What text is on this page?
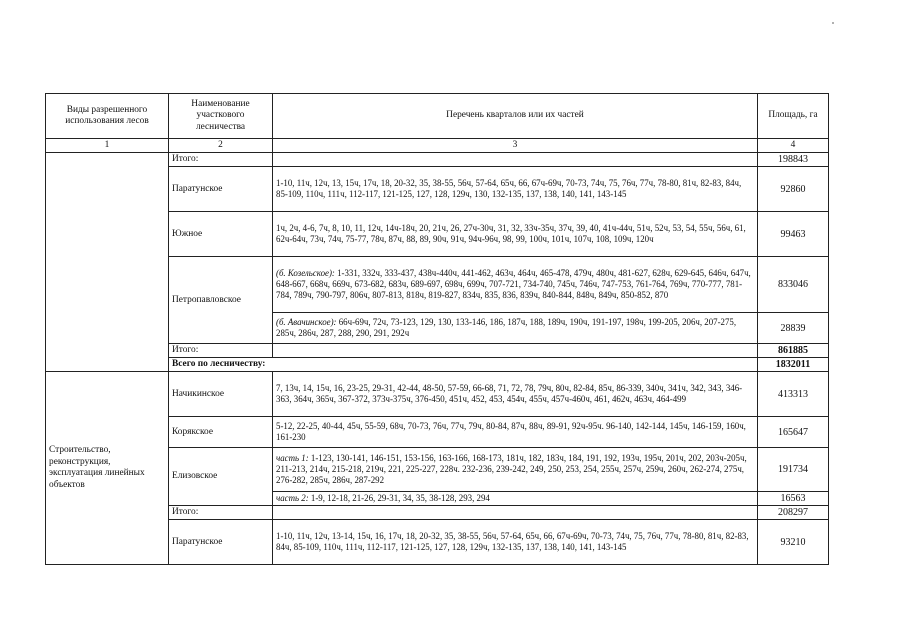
Виды разрешенного использования лесов	Наименование участкового лесничества	Перечень кварталов или их частей	Площадь, га
1	2	3	4
	Итого:		198843
	Паратунское	1-10, 11ч, 12ч, 13, 15ч, 17ч, 18, 20-32, 35, 38-55, 56ч, 57-64, 65ч, 66, 67ч-69ч, 70-73, 74ч, 75, 76ч, 77ч, 78-80, 81ч, 82-83, 84ч, 85-109, 110ч, 111ч, 112-117, 121-125, 127, 128, 129ч, 130, 132-135, 137, 138, 140, 141, 143-145	92860
	Южное	1ч, 2ч, 4-6, 7ч, 8, 10, 11, 12ч, 14ч-18ч, 20, 21ч, 26, 27ч-30ч, 31, 32, 33ч-35ч, 37ч, 39, 40, 41ч-44ч, 51ч, 52ч, 53, 54, 55ч, 56ч, 61, 62ч-64ч, 73ч, 74ч, 75-77, 78ч, 87ч, 88, 89, 90ч, 91ч, 94ч-96ч, 98, 99, 100ч, 101ч, 107ч, 108, 109ч, 120ч	99463
	Петропавловское	(б. Козельское): 1-331, 332ч, 333-437, 438ч-440ч, 441-462, 463ч, 464ч, 465-478, 479ч, 480ч, 481-627, 628ч, 629-645, 646ч, 647ч, 648-667, 668ч, 669ч, 673-682, 683ч, 689-697, 698ч, 699ч, 707-721, 734-740, 745ч, 746ч, 747-753, 761-764, 769ч, 770-777, 781-784, 789ч, 790-797, 806ч, 807-813, 818ч, 819-827, 834ч, 835, 836, 839ч, 840-844, 848ч, 849ч, 850-852, 870	833046
		(б. Авачинское): 66ч-69ч, 72ч, 73-123, 129, 130, 133-146, 186, 187ч, 188, 189ч, 190ч, 191-197, 198ч, 199-205, 206ч, 207-275, 285ч, 286ч, 287, 288, 290, 291, 292ч	28839
	Итого:		861885
	Всего по лесничеству:		1832011
Строительство, реконструкция, эксплуатация линейных объектов	Начикинское	7, 13ч, 14, 15ч, 16, 23-25, 29-31, 42-44, 48-50, 57-59, 66-68, 71, 72, 78, 79ч, 80ч, 82-84, 85ч, 86-339, 340ч, 341ч, 342, 343, 346-363, 364ч, 365ч, 367-372, 373ч-375ч, 376-450, 451ч, 452, 453, 454ч, 455ч, 457ч-460ч, 461, 462ч, 463ч, 464-499	413313
	Корякское	5-12, 22-25, 40-44, 45ч, 55-59, 68ч, 70-73, 76ч, 77ч, 79ч, 80-84, 87ч, 88ч, 89-91, 92ч-95ч. 96-140, 142-144, 145ч, 146-159, 160ч, 161-230	165647
	Елизовское	часть 1: 1-123, 130-141, 146-151, 153-156, 163-166, 168-173, 181ч, 182, 183ч, 184, 191, 192, 193ч, 195ч, 201ч, 202, 203ч-205ч, 211-213, 214ч, 215-218, 219ч, 221, 225-227, 228ч. 232-236, 239-242, 249, 250, 253, 254, 255ч, 257ч, 259ч, 260ч, 262-274, 275ч, 276-282, 285ч, 286ч, 287-292	191734
		часть 2: 1-9, 12-18, 21-26, 29-31, 34, 35, 38-128, 293, 294	16563
	Итого:		208297
	Паратунское	1-10, 11ч, 12ч, 13-14, 15ч, 16, 17ч, 18, 20-32, 35, 38-55, 56ч, 57-64, 65ч, 66, 67ч-69ч, 70-73, 74ч, 75, 76ч, 77ч, 78-80, 81ч, 82-83, 84ч, 85-109, 110ч, 111ч, 112-117, 121-125, 127, 128, 129ч, 132-135, 137, 138, 140, 141, 143-145	93210
